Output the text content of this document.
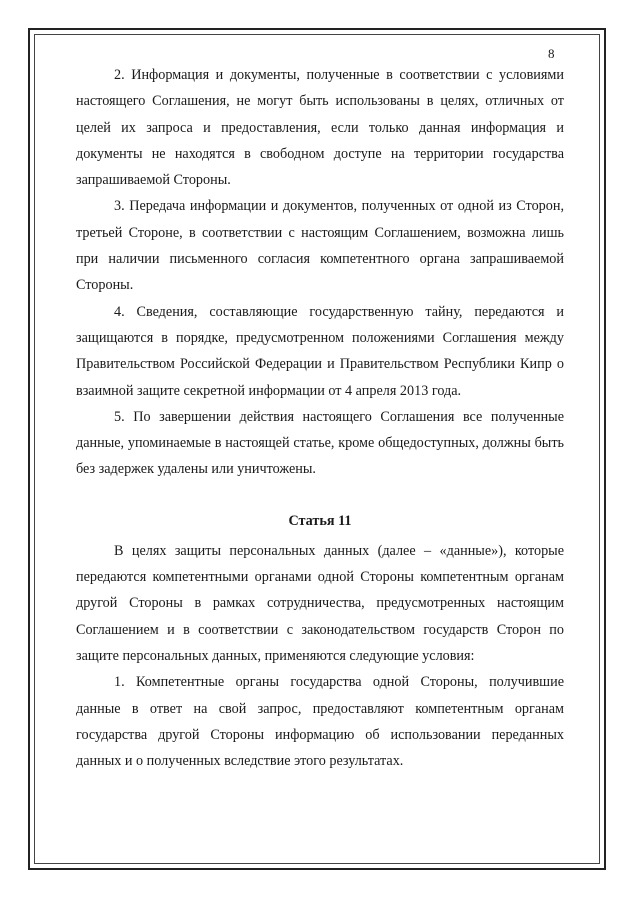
8

2. Информация и документы, полученные в соответствии с условиями настоящего Соглашения, не могут быть использованы в целях, отличных от целей их запроса и предоставления, если только данная информация и документы не находятся в свободном доступе на территории государства запрашиваемой Стороны.

3. Передача информации и документов, полученных от одной из Сторон, третьей Стороне, в соответствии с настоящим Соглашением, возможна лишь при наличии письменного согласия компетентного органа запрашиваемой Стороны.

4. Сведения, составляющие государственную тайну, передаются и защищаются в порядке, предусмотренном положениями Соглашения между Правительством Российской Федерации и Правительством Республики Кипр о взаимной защите секретной информации от 4 апреля 2013 года.

5. По завершении действия настоящего Соглашения все полученные данные, упоминаемые в настоящей статье, кроме общедоступных, должны быть без задержек удалены или уничтожены.

Статья 11

В целях защиты персональных данных (далее – «данные»), которые передаются компетентными органами одной Стороны компетентным органам другой Стороны в рамках сотрудничества, предусмотренных настоящим Соглашением и в соответствии с законодательством государств Сторон по защите персональных данных, применяются следующие условия:

1. Компетентные органы государства одной Стороны, получившие данные в ответ на свой запрос, предоставляют компетентным органам государства другой Стороны информацию об использовании переданных данных и о полученных вследствие этого результатах.
